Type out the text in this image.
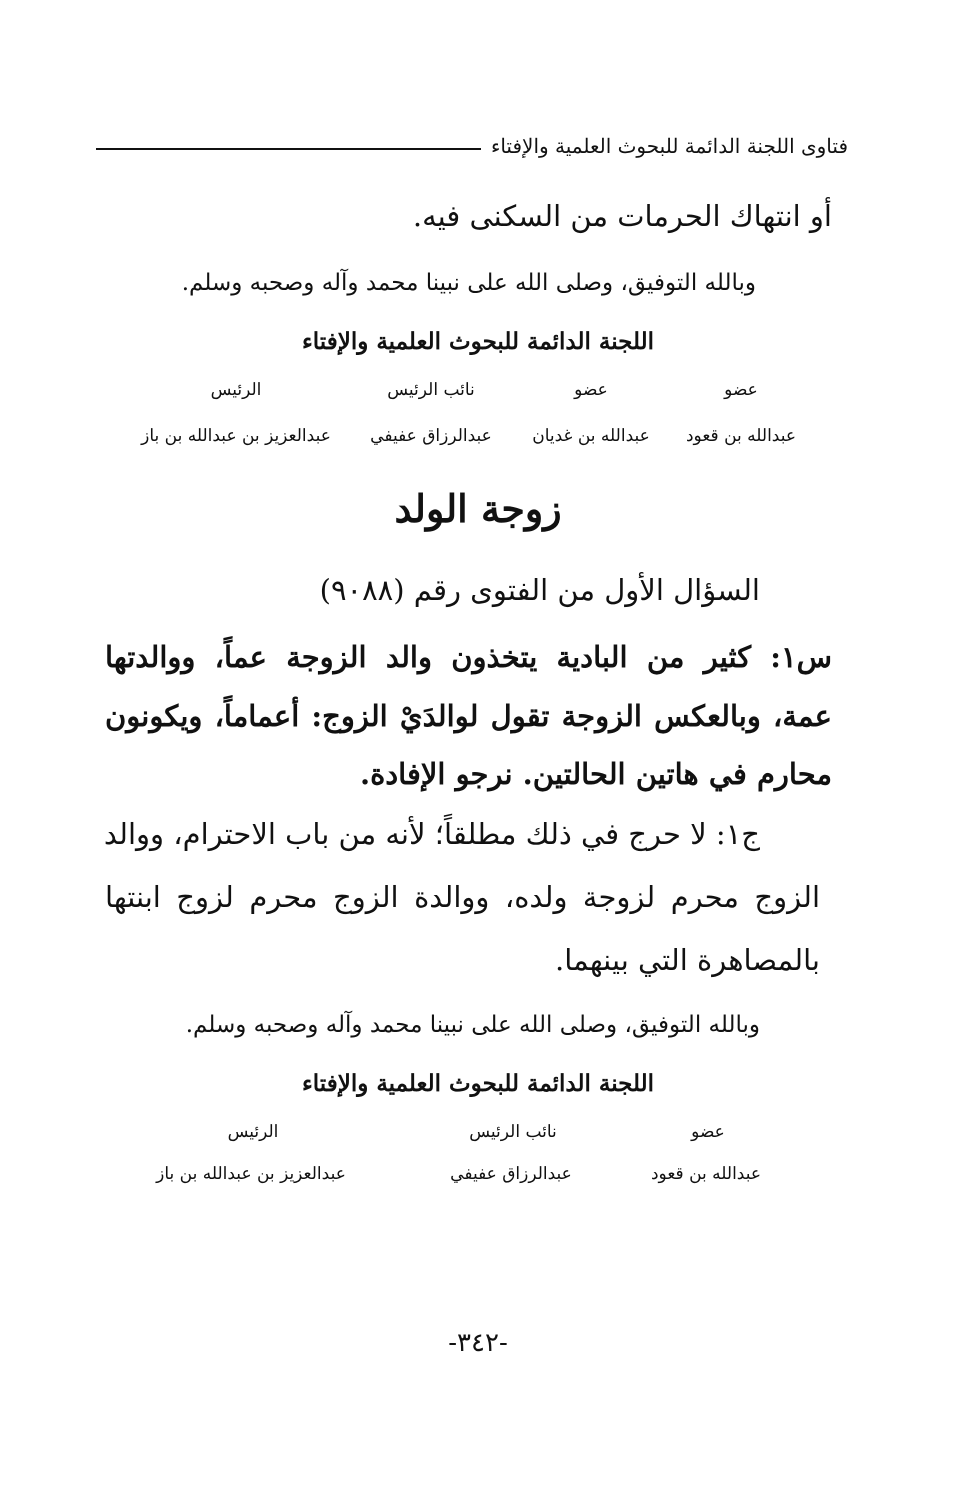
فتاوى اللجنة الدائمة للبحوث العلمية والإفتاء
أو انتهاك الحرمات من السكنى فيه.
وبالله التوفيق، وصلى الله على نبينا محمد وآله وصحبه وسلم.
اللجنة الدائمة للبحوث العلمية والإفتاء
عضو
عضو
نائب الرئيس
الرئيس
عبدالله بن قعود
عبدالله بن غديان
عبدالرزاق عفيفي
عبدالعزيز بن عبدالله بن باز
زوجة الولد
السؤال الأول من الفتوى رقم (٩٠٨٨)
س١: كثير من البادية يتخذون والد الزوجة عماً، ووالدتها
عمة، وبالعكس الزوجة تقول لوالدَيْ الزوج: أعماماً، ويكونون
محارم في هاتين الحالتين. نرجو الإفادة.
ج١: لا حرج في ذلك مطلقاً؛ لأنه من باب الاحترام، ووالد
الزوج محرم لزوجة ولده، ووالدة الزوج محرم لزوج ابنتها
بالمصاهرة التي بينهما.
وبالله التوفيق، وصلى الله على نبينا محمد وآله وصحبه وسلم.
اللجنة الدائمة للبحوث العلمية والإفتاء
عضو
نائب الرئيس
الرئيس
عبدالله بن قعود
عبدالرزاق عفيفي
عبدالعزيز بن عبدالله بن باز
-٣٤٢-
